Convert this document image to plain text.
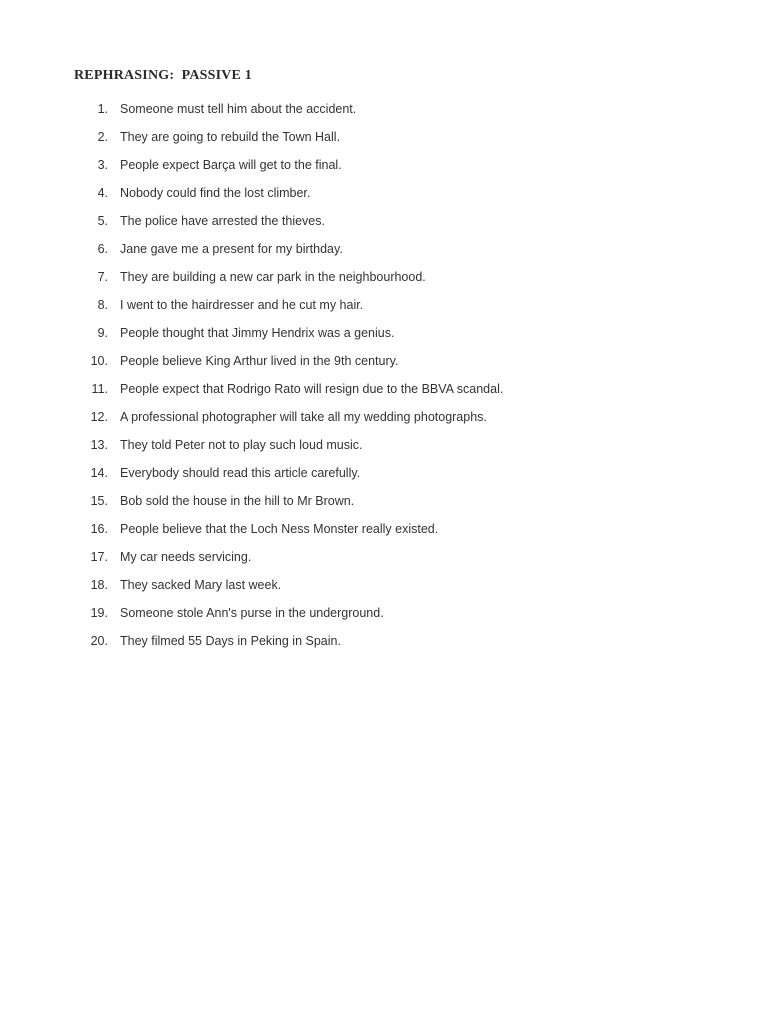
REPHRASING:  PASSIVE 1
1. Someone must tell him about the accident.
2. They are going to rebuild the Town Hall.
3. People expect Barça will get to the final.
4. Nobody could find the lost climber.
5. The police have arrested the thieves.
6. Jane gave me a present for my birthday.
7. They are building a new car park in the neighbourhood.
8. I went to the hairdresser and he cut my hair.
9. People thought that Jimmy Hendrix was a genius.
10. People believe King Arthur lived in the 9th century.
11. People expect that Rodrigo Rato will resign due to the BBVA scandal.
12. A professional photographer will take all my wedding photographs.
13. They told Peter not to play such loud music.
14. Everybody should read this article carefully.
15. Bob sold the house in the hill to Mr Brown.
16. People believe that the Loch Ness Monster really existed.
17. My car needs servicing.
18. They sacked Mary last week.
19. Someone stole Ann's purse in the underground.
20. They filmed 55 Days in Peking in Spain.
